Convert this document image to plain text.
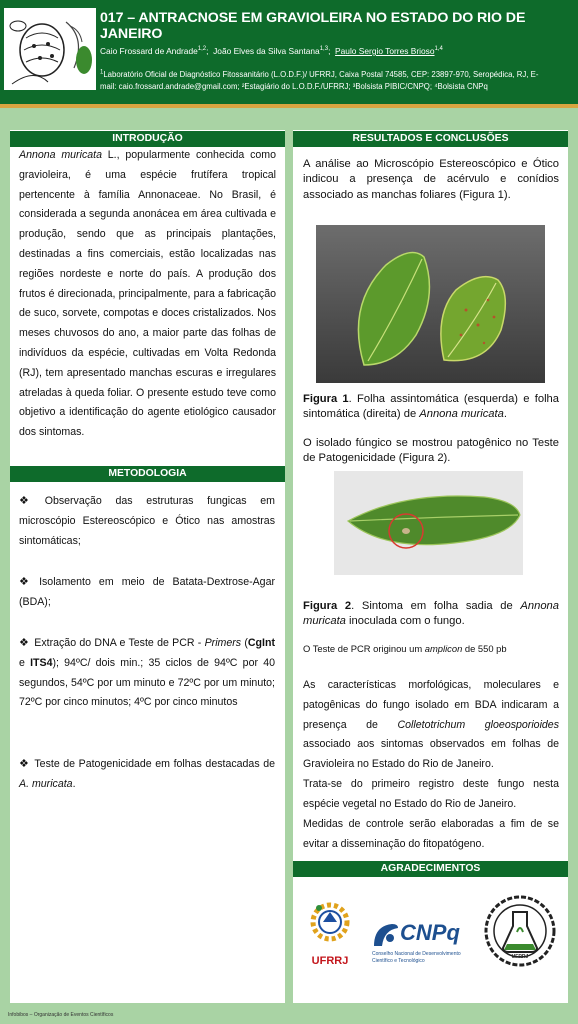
017 – ANTRACNOSE EM GRAVIOLEIRA NO ESTADO DO RIO DE JANEIRO
Caio Frossard de Andrade$^{1,2}$;  João Elves da Silva Santana$^{1,3}$;  Paulo Sergio Torres Brioso$^{1,4}$
$^1$Laboratório Oficial de Diagnóstico Fitossanitário (L.O.D.F.)/ UFRRJ, Caixa Postal 74585, CEP: 23897-970, Seropédica, RJ, E-
mail: caio.frossard.andrade@gmail.com; ²Estagiário do L.O.D.F./UFRRJ; ³Bolsista PIBIC/CNPQ; ⁴Bolsista CNPq
INTRODUÇÃO
Annona muricata L., popularmente conhecida como gravioleira, é uma espécie frutífera tropical pertencente à família Annonaceae. No Brasil, é considerada a segunda anonácea em área cultivada e produção, sendo que as principais plantações, destinadas a fins comerciais, estão localizadas nas regiões nordeste e norte do país. A produção dos frutos é direcionada, principalmente, para a fabricação de suco, sorvete, compotas e doces cristalizados. Nos meses chuvosos do ano, a maior parte das folhas de indivíduos da espécie, cultivadas em Volta Redonda (RJ), tem apresentado manchas escuras e irregulares atreladas à queda foliar. O presente estudo teve como objetivo a identificação do agente etiológico causador dos sintomas.
METODOLOGIA
❖ Observação das estruturas fungicas em microscópio Estereoscópico e Ótico nas amostras sintomáticas;
❖ Isolamento em meio de Batata-Dextrose-Agar (BDA);
❖ Extração do DNA e Teste de PCR - Primers (CgInt e ITS4); 94ºC/ dois min.; 35 ciclos de 94ºC por 40 segundos, 54ºC por um minuto e 72ºC por um minuto; 72ºC por cinco minutos; 4ºC por cinco minutos
❖ Teste de Patogenicidade em folhas destacadas de A. muricata.
RESULTADOS E CONCLUSÕES
A análise ao Microscópio Estereoscópico e Ótico indicou a presença de acérvulo e conídios associado as manchas foliares (Figura 1).
Figura 1. Folha assintomática (esquerda) e folha sintomática (direita) de Annona muricata.
O isolado fúngico se mostrou patogênico no Teste de Patogenicidade (Figura 2).
Figura 2. Sintoma em folha sadia de Annona muricata inoculada com o fungo.
O Teste de PCR originou um amplicon de 550 pb
As características morfológicas, moleculares e patogênicas do fungo isolado em BDA indicaram a presença de Colletotrichum gloeosporioides associado aos sintomas observados em folhas de Gravioleira no Estado do Rio de Janeiro.
Trata-se do primeiro registro deste fungo nesta espécie vegetal no Estado do Rio de Janeiro.
Medidas de controle serão elaboradas a fim de se evitar a disseminação do fitopatógeno.
AGRADECIMENTOS
UFRRJ
CNPq
Conselho Nacional de Desenvolvimento
Científico e Tecnológico
UFRRJ
Infobibos – Organização de Eventos Científicos
